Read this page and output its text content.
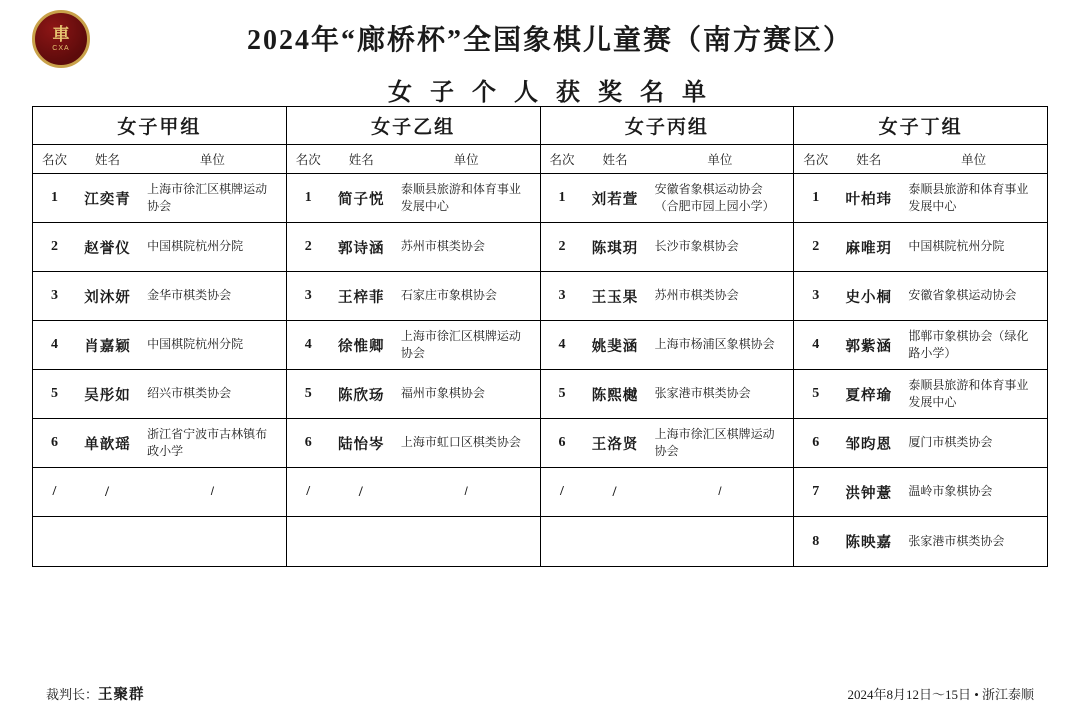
車
CXA	2024年“廊桥杯”全国象棋儿童赛（南方赛区）
女 子 个 人 获 奖 名 单
女子甲组
名次	姓名	单位
1	江奕青
上海市徐汇区棋牌运动协会
2	赵誉仪	中国棋院杭州分院
3	刘沐妍	金华市棋类协会
4	肖嘉颖	中国棋院杭州分院
5	吴彤如	绍兴市棋类协会
6	单歆瑶
浙江省宁波市古林镇布政小学
/	/	/
女子乙组
名次	姓名	单位
1	简子悦
泰顺县旅游和体育事业发展中心
2	郭诗涵	苏州市棋类协会
3	王梓菲	石家庄市象棋协会
4	徐惟卿
上海市徐汇区棋牌运动协会
5	陈欣玚	福州市象棋协会
6	陆怡岑	上海市虹口区棋类协会
/	/	/
女子丙组
名次	姓名	单位
1	刘若萱
安徽省象棋运动协会（合肥市园上园小学）
2	陈琪玥	长沙市象棋协会
3	王玉果	苏州市棋类协会
4	姚斐涵	上海市杨浦区象棋协会
5	陈熙樾	张家港市棋类协会
6	王洛贤
上海市徐汇区棋牌运动协会
/	/	/
女子丁组
名次	姓名	单位
1	叶柏玮
泰顺县旅游和体育事业发展中心
2	麻唯玥	中国棋院杭州分院
3	史小桐	安徽省象棋运动协会
4	郭紫涵
邯郸市象棋协会（绿化路小学）
5	夏梓瑜
泰顺县旅游和体育事业发展中心
6	邹昀恩	厦门市棋类协会
7	洪钟薏	温岭市象棋协会
8	陈映嘉	张家港市棋类协会
裁判长：王聚群	2024年8月12日～15日 • 浙江泰顺
